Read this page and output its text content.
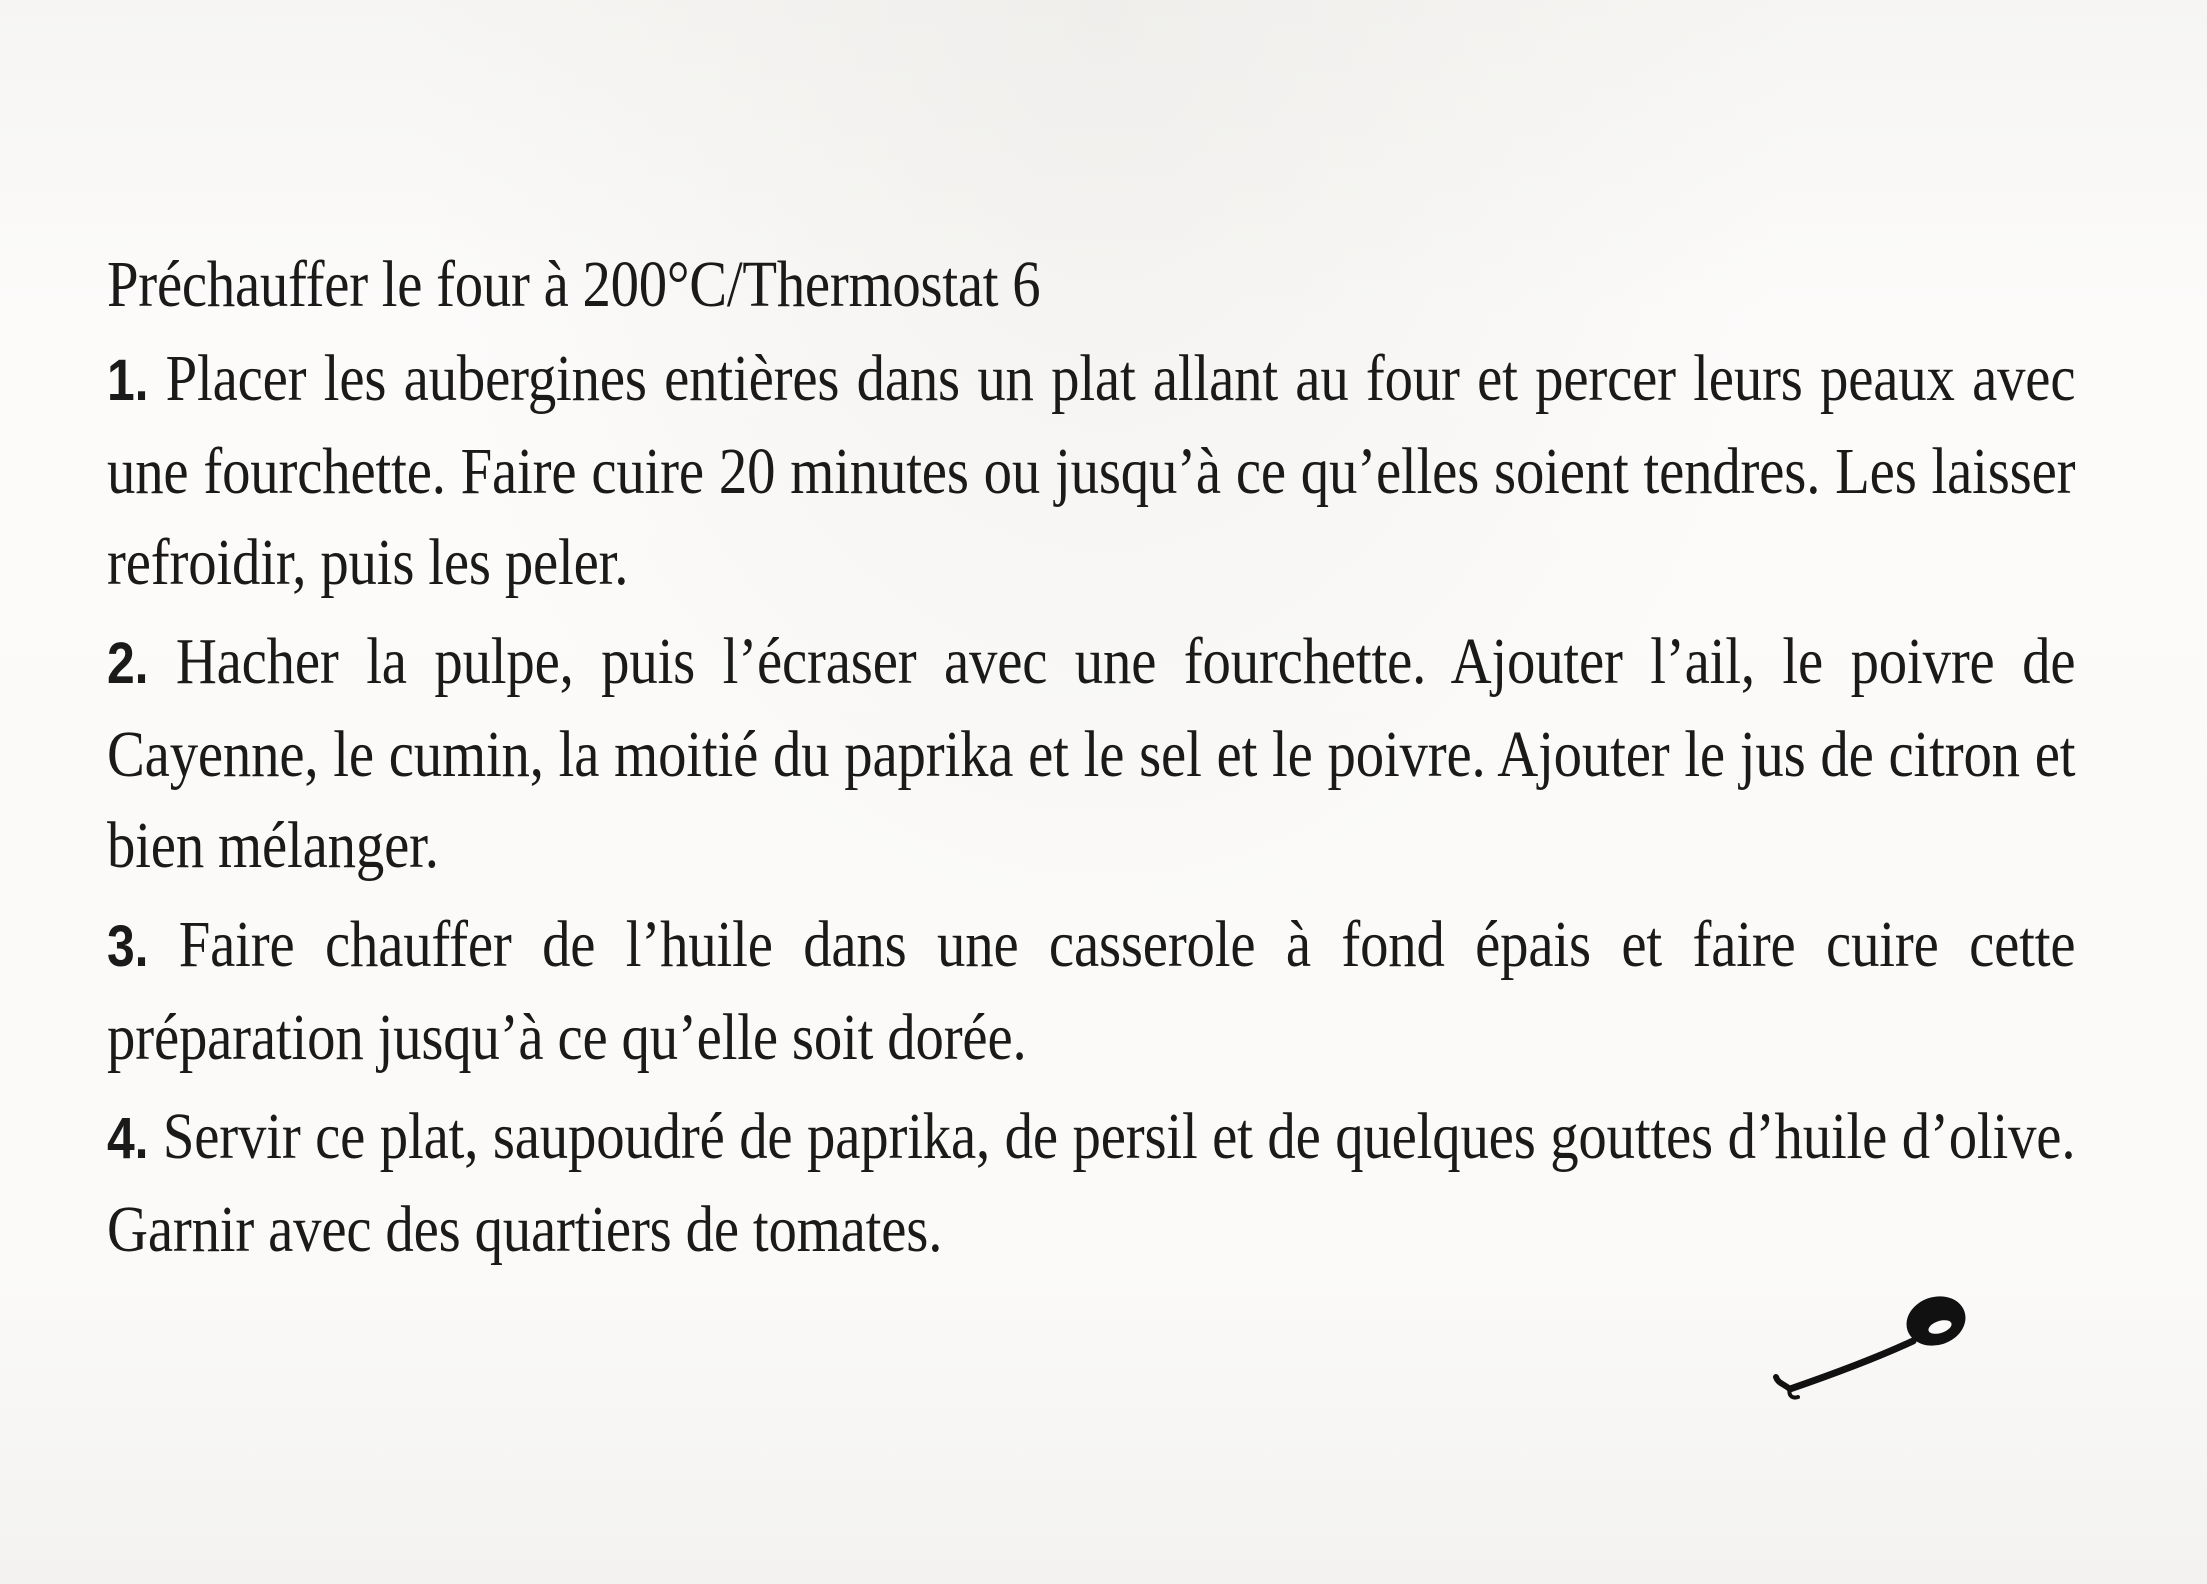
Préchauffer le four à 200°C/Thermostat 6

1. Placer les aubergines entières dans un plat allant au four et percer leurs peaux avec une fourchette. Faire cuire 20 minutes ou jusqu’à ce qu’elles soient tendres. Les laisser refroidir, puis les peler.

2. Hacher la pulpe, puis l’écraser avec une fourchette. Ajouter l’ail, le poivre de Cayenne, le cumin, la moitié du paprika et le sel et le poivre. Ajouter le jus de citron et bien mélanger.

3. Faire chauffer de l’huile dans une casserole à fond épais et faire cuire cette préparation jusqu’à ce qu’elle soit dorée.

4. Servir ce plat, saupoudré de paprika, de persil et de quelques gouttes d’huile d’olive. Garnir avec des quartiers de tomates.
